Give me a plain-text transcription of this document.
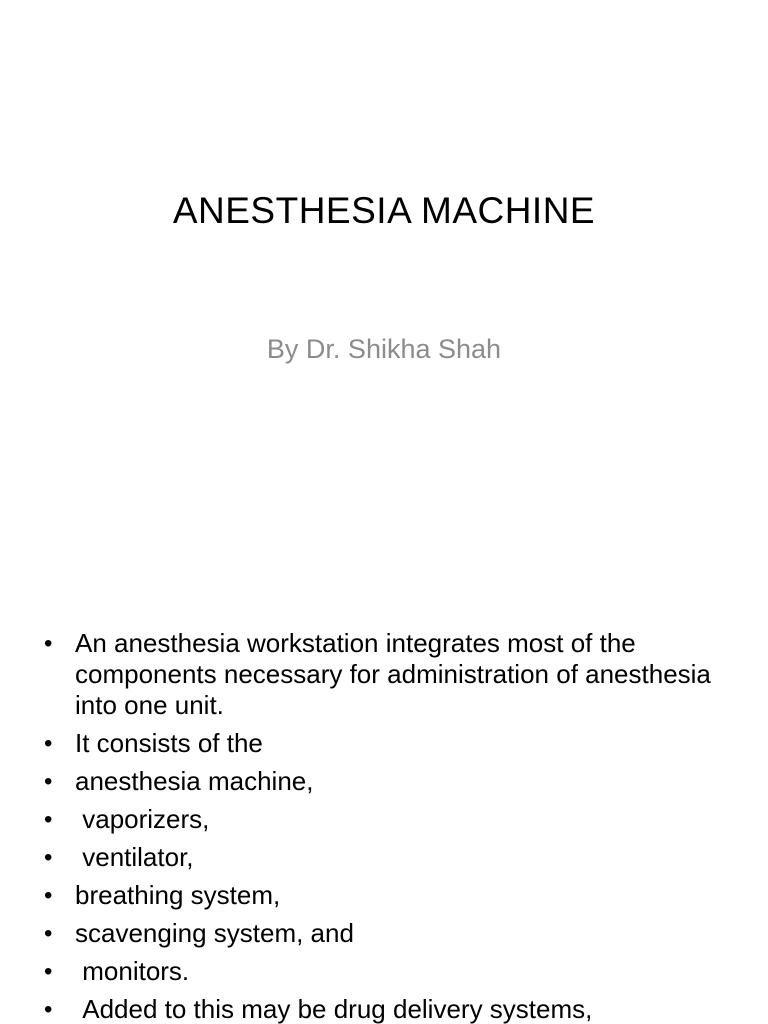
ANESTHESIA MACHINE
By Dr. Shikha Shah
• An anesthesia workstation integrates most of the components necessary for administration of anesthesia into one unit.
• It consists of the
• anesthesia machine,
• vaporizers,
• ventilator,
• breathing system,
• scavenging system, and
• monitors.
• Added to this may be drug delivery systems,
